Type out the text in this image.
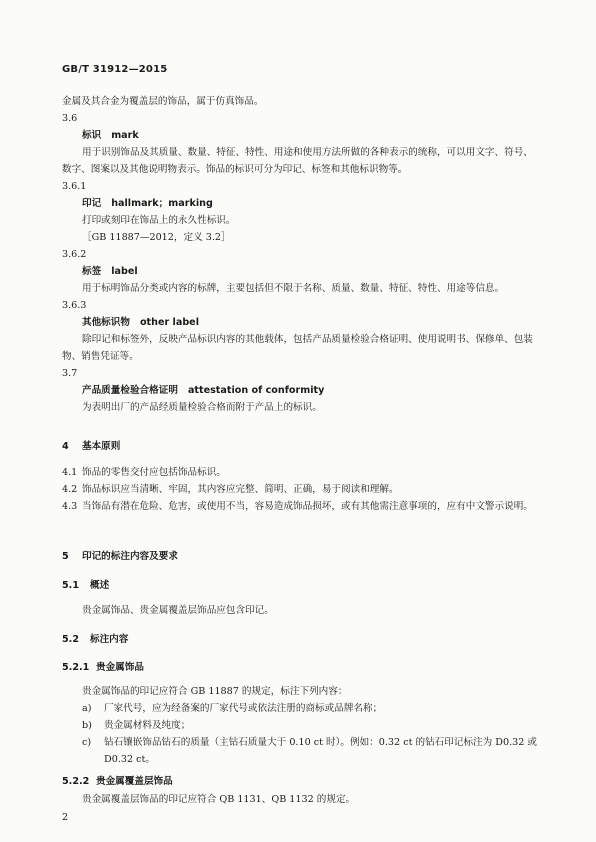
GB/T 31912—2015
金属及其合金为覆盖层的饰品，属于仿真饰品。
3.6
标识 mark
用于识别饰品及其质量、数量、特征、特性、用途和使用方法所做的各种表示的统称，可以用文字、符号、数字、图案以及其他说明物表示。饰品的标识可分为印记、标签和其他标识物等。
3.6.1
印记 hallmark；marking
打印或刻印在饰品上的永久性标识。
［GB 11887—2012，定义 3.2］
3.6.2
标签 label
用于标明饰品分类或内容的标牌，主要包括但不限于名称、质量、数量、特征、特性、用途等信息。
3.6.3
其他标识物 other label
除印记和标签外，反映产品标识内容的其他载体，包括产品质量检验合格证明、使用说明书、保修单、包装物、销售凭证等。
3.7
产品质量检验合格证明 attestation of conformity
为表明出厂的产品经质量检验合格而附于产品上的标识。
4 基本原则
4.1 饰品的零售交付应包括饰品标识。
4.2 饰品标识应当清晰、牢固，其内容应完整、简明、正确，易于阅读和理解。
4.3 当饰品有潜在危险、危害，或使用不当，容易造成饰品损坏，或有其他需注意事项的，应有中文警示说明。
5 印记的标注内容及要求
5.1 概述
贵金属饰品、贵金属覆盖层饰品应包含印记。
5.2 标注内容
5.2.1 贵金属饰品
贵金属饰品的印记应符合 GB 11887 的规定，标注下列内容：
a)	厂家代号，应为经备案的厂家代号或依法注册的商标或品牌名称；
b)	贵金属材料及纯度；
c)	钻石镶嵌饰品钻石的质量（主钻石质量大于 0.10 ct 时）。例如：0.32 ct 的钻石印记标注为 D0.32 或 D0.32 ct。
5.2.2 贵金属覆盖层饰品
贵金属覆盖层饰品的印记应符合 QB 1131、QB 1132 的规定。
2
